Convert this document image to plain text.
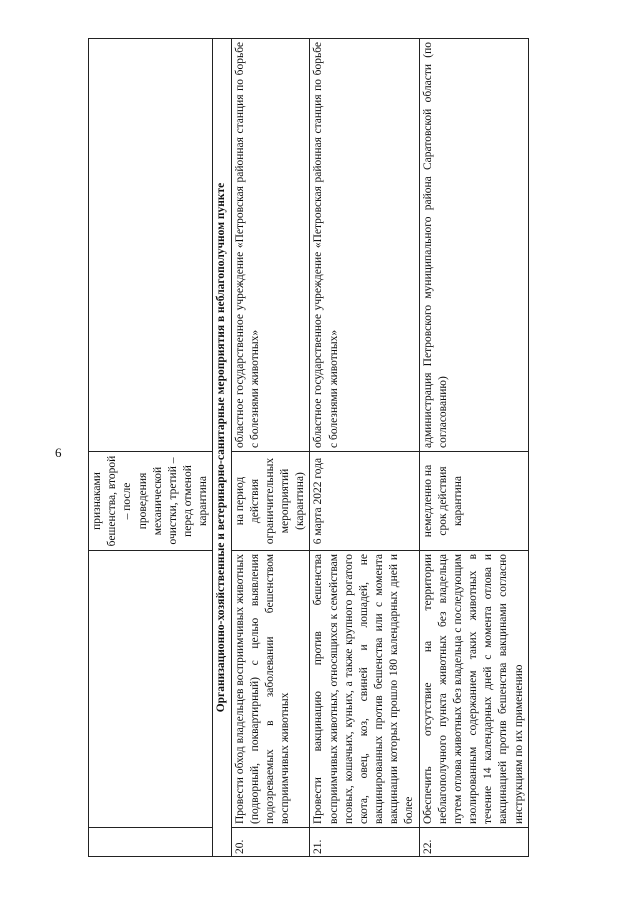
6
		признаками бешенства, второй – после проведения механической очистки, третий – перед отменой карантина	
Организационно-хозяйственные и ветеринарно-санитарные мероприятия в неблагополучном пункте			
20.	Провести обход владельцев восприимчивых животных (подворный, поквартирный) с целью выявления подозреваемых в заболевании бешенством восприимчивых животных	на период действия ограничительных мероприятий (карантина)	областное государственное учреждение «Петровская районная станция по борьбе с болезнями животных»
21.	Провести вакцинацию против бешенства восприимчивых животных, относящихся к семействам псовых, кошачьих, куньих, а также крупного рогатого скота, овец, коз, свиней и лошадей, не вакцинированных против бешенства или с момента вакцинации которых прошло 180 календарных дней и более	6 марта 2022 года	областное государственное учреждение «Петровская районная станция по борьбе с болезнями животных»
22.	Обеспечить отсутствие на территории неблагополучного пункта животных без владельца путем отлова животных без владельца с последующим изолированным содержанием таких животных в течение 14 календарных дней с момента отлова и вакцинацией против бешенства вакцинами согласно инструкциям по их применению	немедленно на срок действия карантина	администрация Петровского муниципального района Саратовской области (по согласованию)
